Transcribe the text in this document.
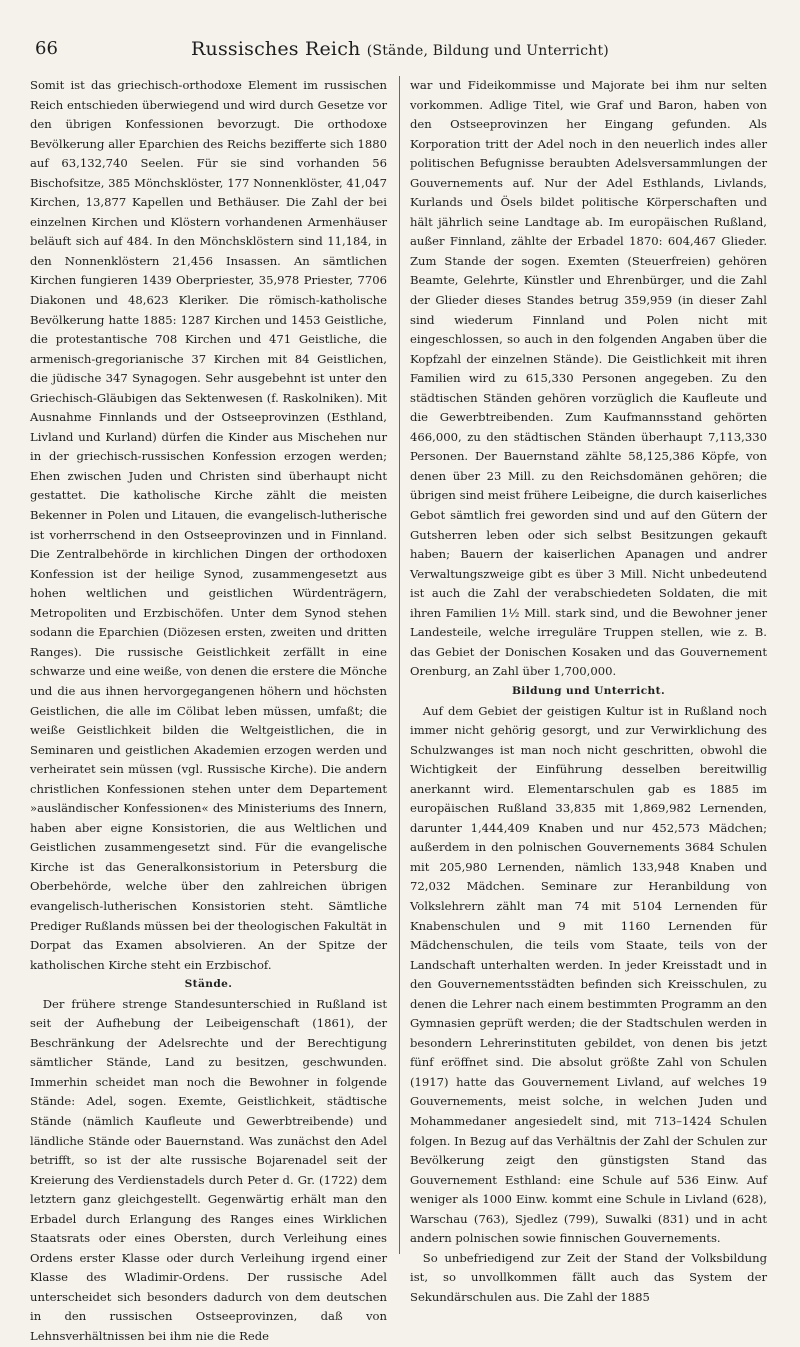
66	Russisches Reich (Stände, Bildung und Unterricht)

Somit ist das griechisch-orthodoxe Element im russischen Reich entschieden überwiegend und wird durch Gesetze vor den übrigen Konfessionen bevorzugt. Die orthodoxe Bevölkerung aller Eparchien des Reichs bezifferte sich 1880 auf 63,132,740 Seelen. Für sie sind vorhanden 56 Bischofsitze, 385 Mönchsklöster, 177 Nonnenklöster, 41,047 Kirchen, 13,877 Kapellen und Bethäuser. Die Zahl der bei einzelnen Kirchen und Klöstern vorhandenen Armenhäuser beläuft sich auf 484. In den Mönchsklöstern sind 11,184, in den Nonnenklöstern 21,456 Insassen. An sämtlichen Kirchen fungieren 1439 Oberpriester, 35,978 Priester, 7706 Diakonen und 48,623 Kleriker. Die römisch-katholische Bevölkerung hatte 1885: 1287 Kirchen und 1453 Geistliche, die protestantische 708 Kirchen und 471 Geistliche, die armenisch-gregorianische 37 Kirchen mit 84 Geistlichen, die jüdische 347 Synagogen. Sehr ausgebehnt ist unter den Griechisch-Gläubigen das Sektenwesen (f. Raskolniken). Mit Ausnahme Finnlands und der Ostseeprovinzen (Esthland, Livland und Kurland) dürfen die Kinder aus Mischehen nur in der griechisch-russischen Konfession erzogen werden; Ehen zwischen Juden und Christen sind überhaupt nicht gestattet. Die katholische Kirche zählt die meisten Bekenner in Polen und Litauen, die evangelisch-lutherische ist vorherrschend in den Ostseeprovinzen und in Finnland. Die Zentralbehörde in kirchlichen Dingen der orthodoxen Konfession ist der heilige Synod, zusammengesetzt aus hohen weltlichen und geistlichen Würdenträgern, Metropoliten und Erzbischöfen. Unter dem Synod stehen sodann die Eparchien (Diözesen ersten, zweiten und dritten Ranges). Die russische Geistlichkeit zerfällt in eine schwarze und eine weiße, von denen die erstere die Mönche und die aus ihnen hervorgegangenen höhern und höchsten Geistlichen, die alle im Cölibat leben müssen, umfaßt; die weiße Geistlichkeit bilden die Weltgeistlichen, die in Seminaren und geistlichen Akademien erzogen werden und verheiratet sein müssen (vgl. Russische Kirche). Die andern christlichen Konfessionen stehen unter dem Departement »ausländischer Konfessionen« des Ministeriums des Innern, haben aber eigne Konsistorien, die aus Weltlichen und Geistlichen zusammengesetzt sind. Für die evangelische Kirche ist das Generalkonsistorium in Petersburg die Oberbehörde, welche über den zahlreichen übrigen evangelisch-lutherischen Konsistorien steht. Sämtliche Prediger Rußlands müssen bei der theologischen Fakultät in Dorpat das Examen absolvieren. An der Spitze der katholischen Kirche steht ein Erzbischof.

Stände.

Der frühere strenge Standesunterschied in Rußland ist seit der Aufhebung der Leibeigenschaft (1861), der Beschränkung der Adelsrechte und der Berechtigung sämtlicher Stände, Land zu besitzen, geschwunden. Immerhin scheidet man noch die Bewohner in folgende Stände: Adel, sogen. Exemte, Geistlichkeit, städtische Stände (nämlich Kaufleute und Gewerbtreibende) und ländliche Stände oder Bauernstand. Was zunächst den Adel betrifft, so ist der alte russische Bojarenadel seit der Kreierung des Verdienstadels durch Peter d. Gr. (1722) dem letztern ganz gleichgestellt. Gegenwärtig erhält man den Erbadel durch Erlangung des Ranges eines Wirklichen Staatsrats oder eines Obersten, durch Verleihung eines Ordens erster Klasse oder durch Verleihung irgend einer Klasse des Wladimir-Ordens. Der russische Adel unterscheidet sich besonders dadurch von dem deutschen in den russischen Ostseeprovinzen, daß von Lehnsverhältnissen bei ihm nie die Rede

war und Fideikommisse und Majorate bei ihm nur selten vorkommen. Adlige Titel, wie Graf und Baron, haben von den Ostseeprovinzen her Eingang gefunden. Als Korporation tritt der Adel noch in den neuerlich indes aller politischen Befugnisse beraubten Adelsversammlungen der Gouvernements auf. Nur der Adel Esthlands, Livlands, Kurlands und Ösels bildet politische Körperschaften und hält jährlich seine Landtage ab. Im europäischen Rußland, außer Finnland, zählte der Erbadel 1870: 604,467 Glieder. Zum Stande der sogen. Exemten (Steuerfreien) gehören Beamte, Gelehrte, Künstler und Ehrenbürger, und die Zahl der Glieder dieses Standes betrug 359,959 (in dieser Zahl sind wiederum Finnland und Polen nicht mit eingeschlossen, so auch in den folgenden Angaben über die Kopfzahl der einzelnen Stände). Die Geistlichkeit mit ihren Familien wird zu 615,330 Personen angegeben. Zu den städtischen Ständen gehören vorzüglich die Kaufleute und die Gewerbtreibenden. Zum Kaufmannsstand gehörten 466,000, zu den städtischen Ständen überhaupt 7,113,330 Personen. Der Bauernstand zählte 58,125,386 Köpfe, von denen über 23 Mill. zu den Reichsdomänen gehören; die übrigen sind meist frühere Leibeigne, die durch kaiserliches Gebot sämtlich frei geworden sind und auf den Gütern der Gutsherren leben oder sich selbst Besitzungen gekauft haben; Bauern der kaiserlichen Apanagen und andrer Verwaltungszweige gibt es über 3 Mill. Nicht unbedeutend ist auch die Zahl der verabschiedeten Soldaten, die mit ihren Familien 1½ Mill. stark sind, und die Bewohner jener Landesteile, welche irreguläre Truppen stellen, wie z. B. das Gebiet der Donischen Kosaken und das Gouvernement Orenburg, an Zahl über 1,700,000.

Bildung und Unterricht.

Auf dem Gebiet der geistigen Kultur ist in Rußland noch immer nicht gehörig gesorgt, und zur Verwirklichung des Schulzwanges ist man noch nicht geschritten, obwohl die Wichtigkeit der Einführung desselben bereitwillig anerkannt wird. Elementarschulen gab es 1885 im europäischen Rußland 33,835 mit 1,869,982 Lernenden, darunter 1,444,409 Knaben und nur 452,573 Mädchen; außerdem in den polnischen Gouvernements 3684 Schulen mit 205,980 Lernenden, nämlich 133,948 Knaben und 72,032 Mädchen. Seminare zur Heranbildung von Volkslehrern zählt man 74 mit 5104 Lernenden für Knabenschulen und 9 mit 1160 Lernenden für Mädchenschulen, die teils vom Staate, teils von der Landschaft unterhalten werden. In jeder Kreisstadt und in den Gouvernementsstädten befinden sich Kreisschulen, zu denen die Lehrer nach einem bestimmten Programm an den Gymnasien geprüft werden; die der Stadtschulen werden in besondern Lehrerinstituten gebildet, von denen bis jetzt fünf eröffnet sind. Die absolut größte Zahl von Schulen (1917) hatte das Gouvernement Livland, auf welches 19 Gouvernements, meist solche, in welchen Juden und Mohammedaner angesiedelt sind, mit 713–1424 Schulen folgen. In Bezug auf das Verhältnis der Zahl der Schulen zur Bevölkerung zeigt den günstigsten Stand das Gouvernement Esthland: eine Schule auf 536 Einw. Auf weniger als 1000 Einw. kommt eine Schule in Livland (628), Warschau (763), Sjedlez (799), Suwalki (831) und in acht andern polnischen sowie finnischen Gouvernements.

So unbefriedigend zur Zeit der Stand der Volksbildung ist, so unvollkommen fällt auch das System der Sekundärschulen aus. Die Zahl der 1885
